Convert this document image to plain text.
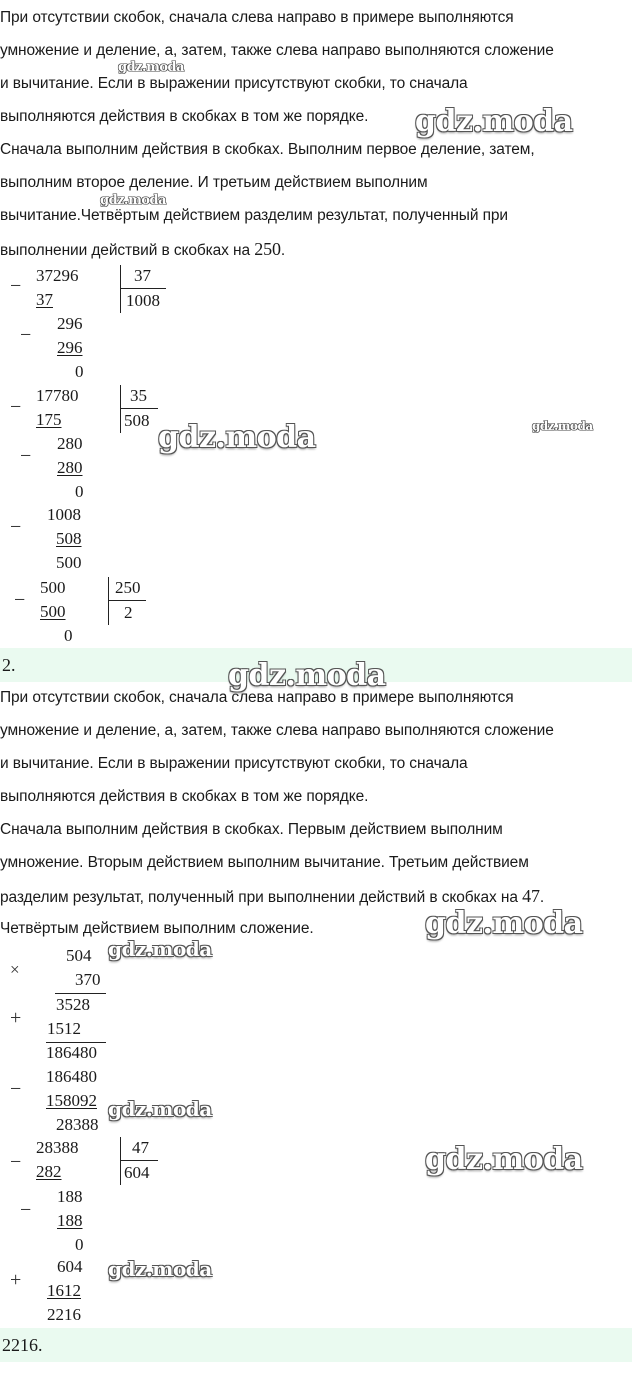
При отсутствии скобок, сначала слева направо в примере выполняются
умножение и деление, а, затем, также слева направо выполняются сложение
и вычитание. Если в выражении присутствуют скобки, то сначала
выполняются действия в скобках в том же порядке.
Сначала выполним действия в скобках. Выполним первое деление, затем,
выполним второе деление. И третьим действием выполним
вычитание.Четвёртым действием разделим результат, полученный при
выполнении действий в скобках на 250.
− 37296
37
37
1008
−
296
296
0
−
17780
175
35
508
−
280
280
0
−
1008
508
500
−
500
500
250
2
0
2.
При отсутствии скобок, сначала слева направо в примере выполняются
умножение и деление, а, затем, также слева направо выполняются сложение
и вычитание. Если в выражении присутствуют скобки, то сначала
выполняются действия в скобках в том же порядке.
Сначала выполним действия в скобках. Первым действием выполним
умножение. Вторым действием выполним вычитание. Третьим действием
разделим результат, полученный при выполнении действий в скобках на 47.
Четвёртым действием выполним сложение.
504
×
370
3528
+ 1512
186480
−
186480
158092
28388
−
28388
282
47
604
−
188
188
0
+
604
1612
2216
2216.
gdz.moda
gdz.moda
gdz.moda
gdz.moda	gdz.moda
gdz.moda
gdz.moda
gdz.moda
gdz.moda
gdz.moda
gdz.moda
